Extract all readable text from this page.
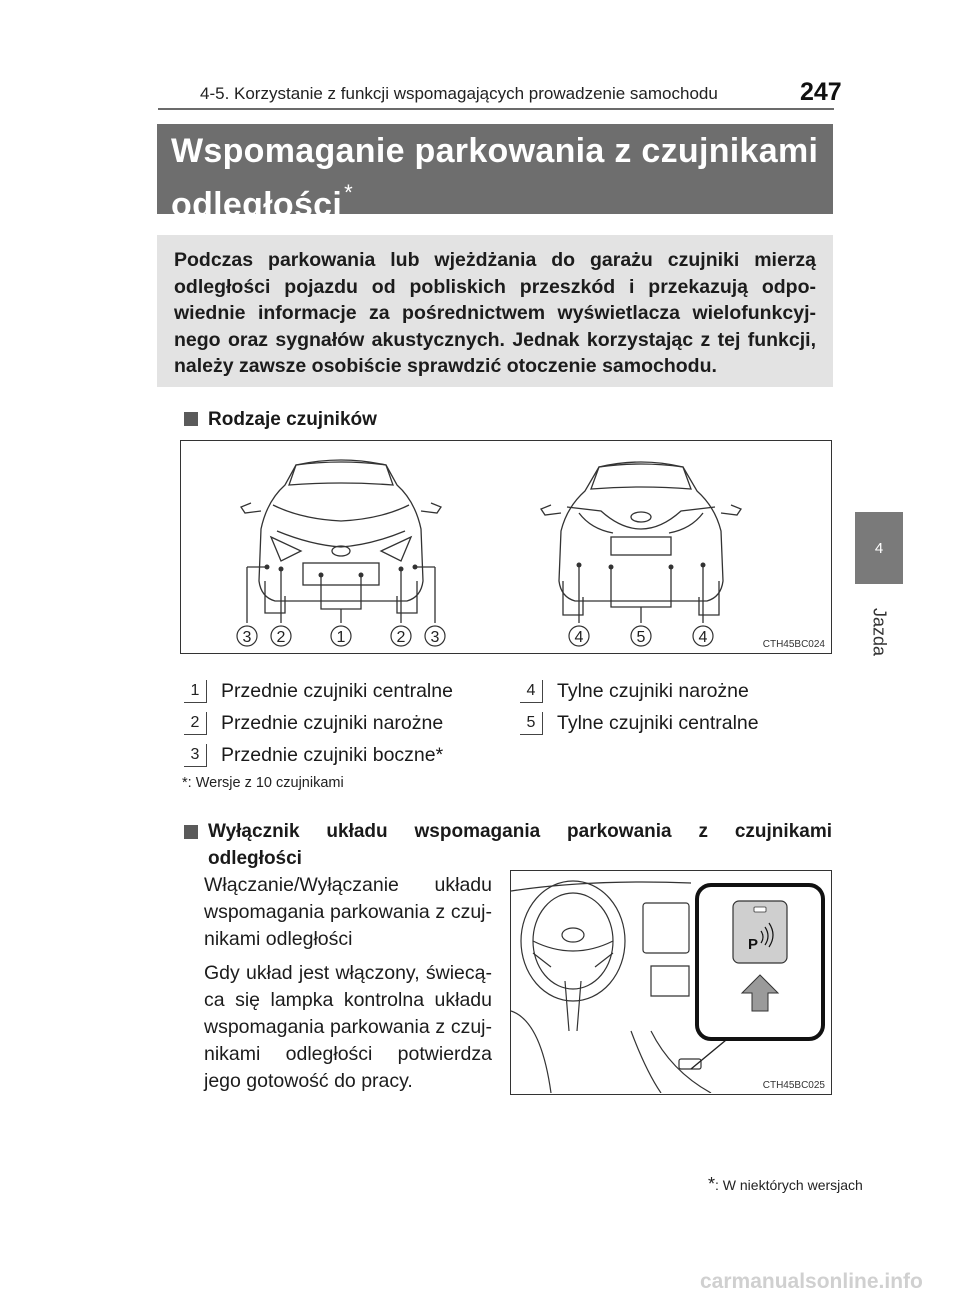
4-5. Korzystanie z funkcji wspomagających prowadzenie samochodu	247
4
Jazda
Wspomaganie parkowania z czujnikami
odległości*
Podczas parkowania lub wjeżdżania do garażu czujniki mierzą odległości pojazdu od pobliskich przeszkód i przekazują odpowiednie informacje za pośrednictwem wyświetlacza wielofunkcyjnego oraz sygnałów akustycznych. Jednak korzystając z tej funkcji, należy zawsze osobiście sprawdzić otoczenie samochodu.
Rodzaje czujników
3 2	1	2 3	4	5	4	CTH45BC024
1	Przednie czujniki centralne
2	Przednie czujniki narożne
3	Przednie czujniki boczne*
4	Tylne czujniki narożne
5	Tylne czujniki centralne
*: Wersje z 10 czujnikami
Wyłącznik układu wspomagania parkowania z czujnikami
odległości
Włączanie/Wyłączanie układu wspomagania parkowania z czujnikami odległości
Gdy układ jest włączony, świecąca się lampka kontrolna układu wspomagania parkowania z czujnikami odległości potwierdza jego gotowość do pracy.
P
CTH45BC025
*: W niektórych wersjach
carmanualsonline.info
